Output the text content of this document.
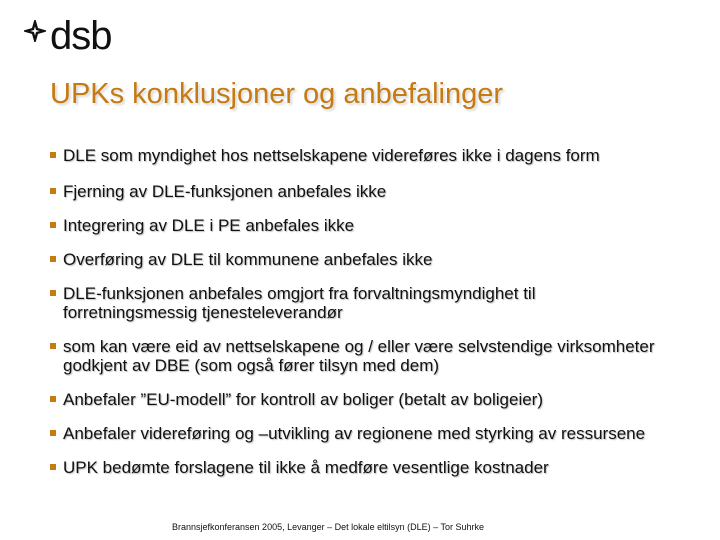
dsb
UPKs konklusjoner og anbefalinger
DLE som myndighet hos nettselskapene videreføres ikke i dagens form
Fjerning av DLE-funksjonen anbefales ikke
Integrering av DLE i PE anbefales ikke
Overføring av DLE til kommunene anbefales ikke
DLE-funksjonen anbefales omgjort fra forvaltningsmyndighet til forretningsmessig tjenesteleverandør
som kan være eid av nettselskapene og / eller være selvstendige virksomheter godkjent av DBE (som også fører tilsyn med dem)
Anbefaler ”EU-modell” for kontroll av boliger (betalt av boligeier)
Anbefaler videreføring og –utvikling av regionene med styrking av ressursene
UPK bedømte forslagene til ikke å medføre vesentlige kostnader
Brannsjefkonferansen 2005, Levanger – Det lokale eltilsyn (DLE) – Tor Suhrke
